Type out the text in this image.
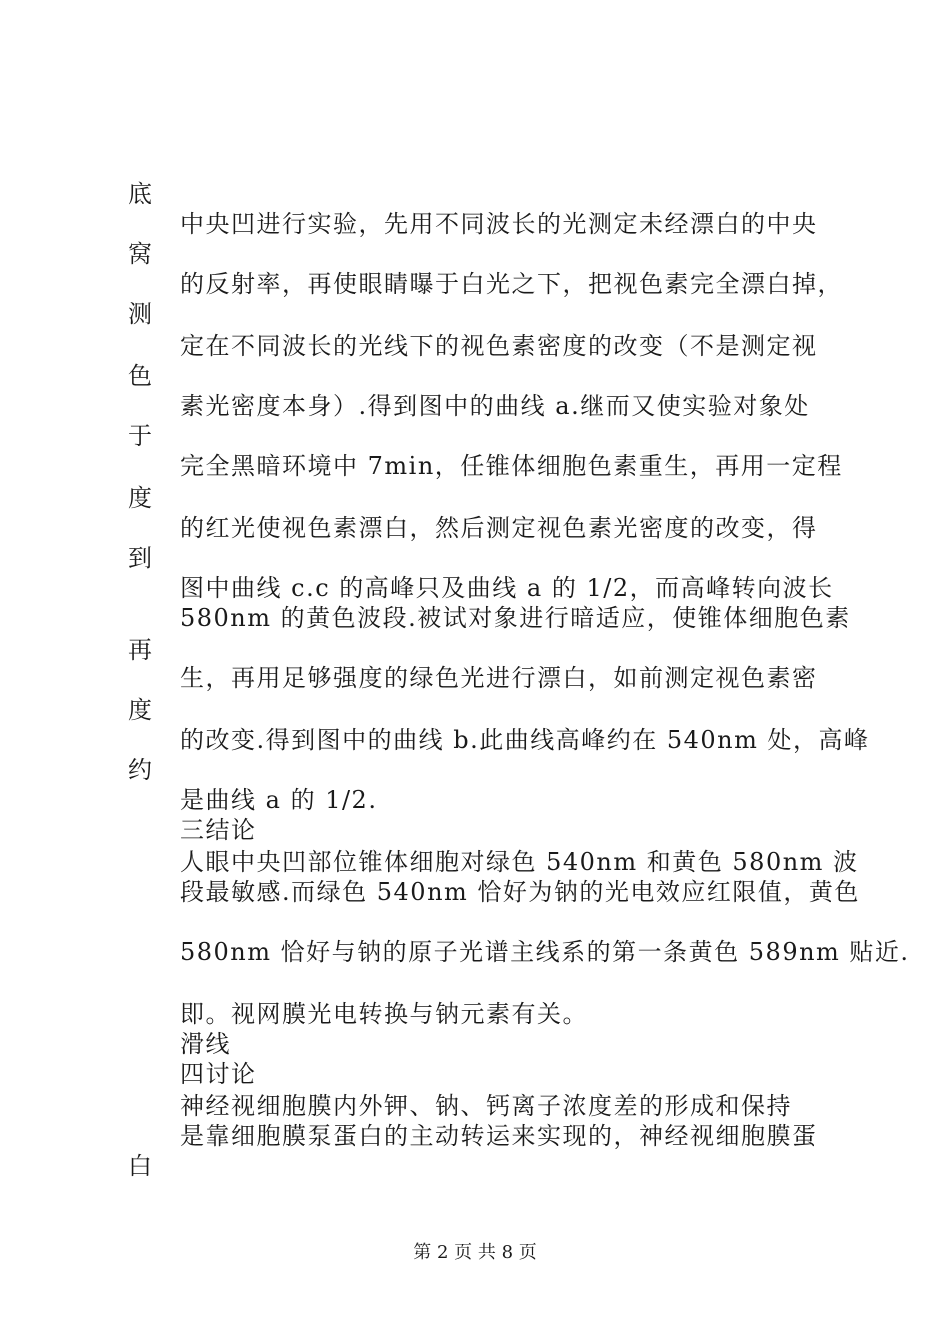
底
窝
测
色
于
度
到
再
度
约
白
中央凹进行实验，先用不同波长的光测定未经漂白的中央
的反射率，再使眼睛曝于白光之下，把视色素完全漂白掉，
定在不同波长的光线下的视色素密度的改变（不是测定视
素光密度本身）.得到图中的曲线 a.继而又使实验对象处
完全黑暗环境中 7min，任锥体细胞色素重生，再用一定程
的红光使视色素漂白，然后测定视色素光密度的改变，得
图中曲线 c.c 的高峰只及曲线 a 的 1/2，而高峰转向波长
580nm 的黄色波段.被试对象进行暗适应，使锥体细胞色素
生，再用足够强度的绿色光进行漂白，如前测定视色素密
的改变.得到图中的曲线 b.此曲线高峰约在 540nm 处，高峰
是曲线 a 的 1/2.
三结论
人眼中央凹部位锥体细胞对绿色 540nm 和黄色 580nm 波
段最敏感.而绿色 540nm 恰好为钠的光电效应红限值，黄色
580nm 恰好与钠的原子光谱主线系的第一条黄色 589nm 贴近.
即。视网膜光电转换与钠元素有关。
滑线
四讨论
神经视细胞膜内外钾、钠、钙离子浓度差的形成和保持
是靠细胞膜泵蛋白的主动转运来实现的，神经视细胞膜蛋
第 2 页 共 8 页
